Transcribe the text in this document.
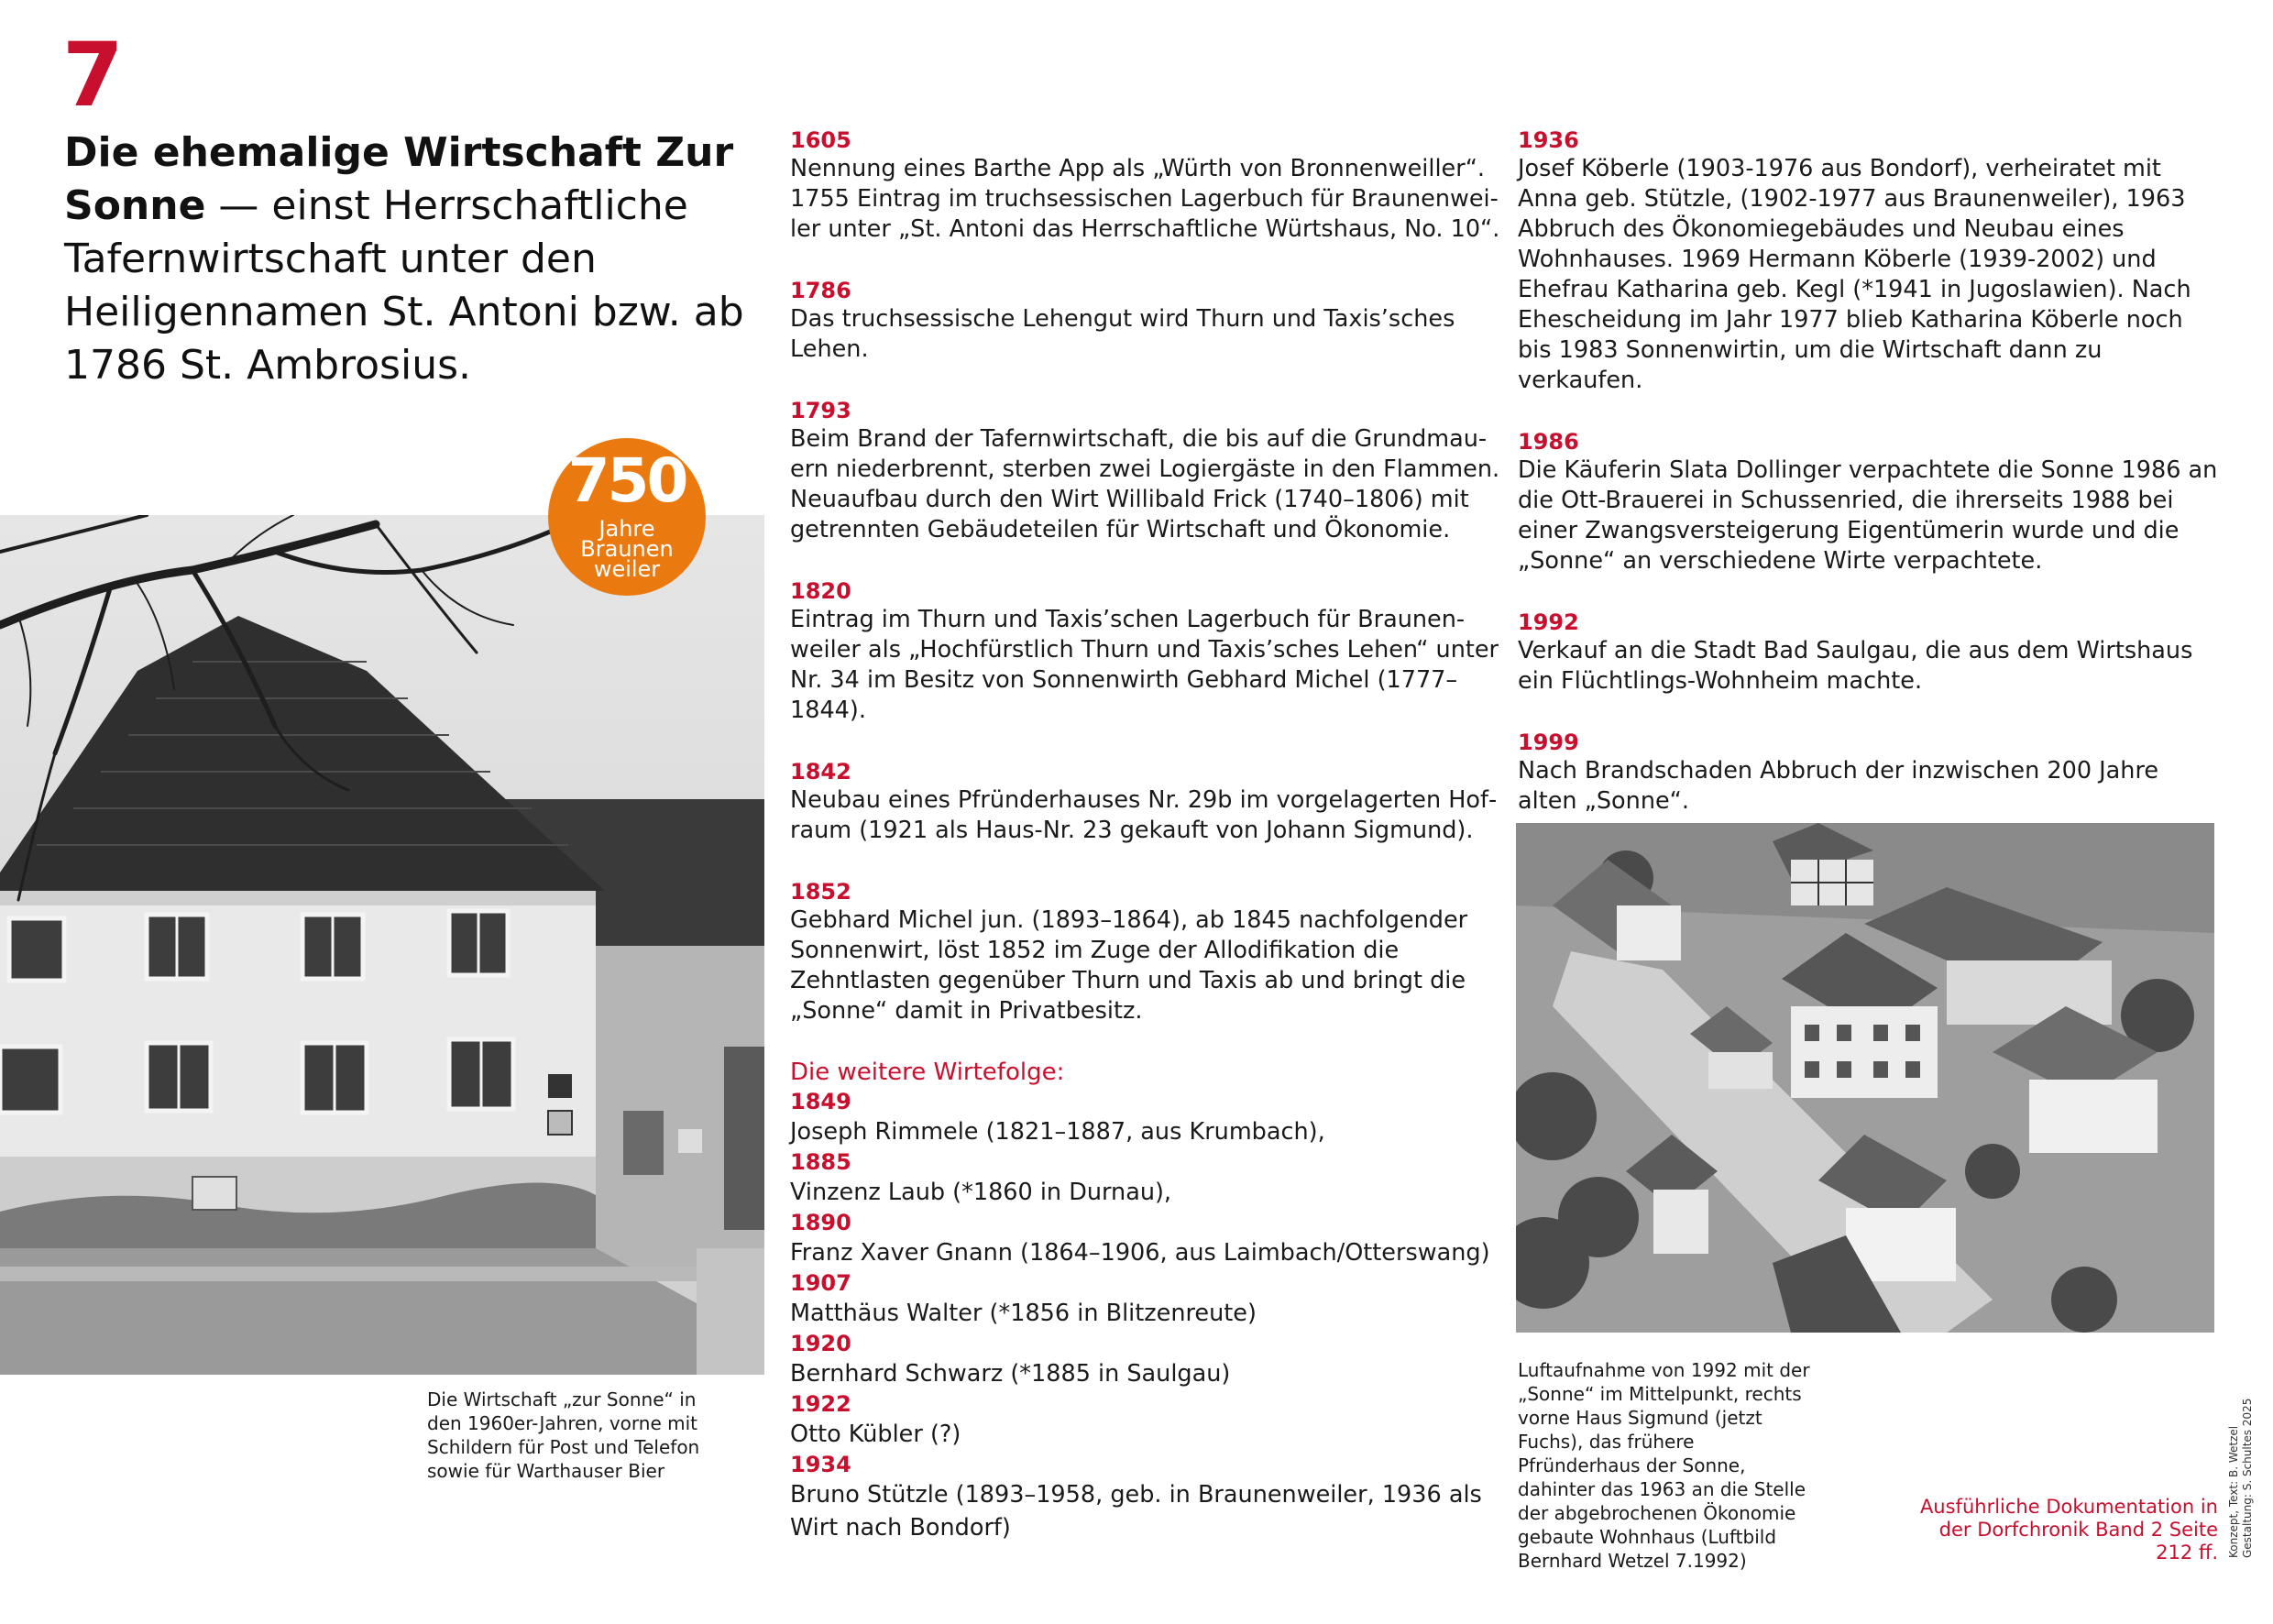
7
Die ehemalige Wirtschaft Zur Sonne — einst Herrschaftliche Tafernwirtschaft unter den Heiligennamen St. Antoni bzw. ab 1786 St. Ambrosius.
750
Jahre
Braunen
weiler
Die Wirtschaft „zur Sonne“ in den 1960er-Jahren, vorne mit Schildern für Post und Telefon sowie für Warthauser Bier
1605
Nennung eines Barthe App als „Würth von Bronnenweiller“. 1755 Eintrag im truchsessischen Lagerbuch für Braunenweiler unter „St. Antoni das Herrschaftliche Würtshaus, No. 10“.
1786
Das truchsessische Lehengut wird Thurn und Taxis’sches Lehen.
1793
Beim Brand der Tafernwirtschaft, die bis auf die Grundmauern niederbrennt, sterben zwei Logiergäste in den Flammen. Neuaufbau durch den Wirt Willibald Frick (1740–1806) mit getrennten Gebäudeteilen für Wirtschaft und Ökonomie.
1820
Eintrag im Thurn und Taxis’schen Lagerbuch für Braunenweiler als „Hochfürstlich Thurn und Taxis’sches Lehen“ unter Nr. 34 im Besitz von Sonnenwirth Gebhard Michel (1777–1844).
1842
Neubau eines Pfründerhauses Nr. 29b im vorgelagerten Hofraum (1921 als Haus-Nr. 23 gekauft von Johann Sigmund).
1852
Gebhard Michel jun. (1893–1864), ab 1845 nachfolgender Sonnenwirt, löst 1852 im Zuge der Allodifikation die Zehntlasten gegenüber Thurn und Taxis ab und bringt die „Sonne“ damit in Privatbesitz.
Die weitere Wirtefolge:
1849
Joseph Rimmele (1821–1887, aus Krumbach),
1885
Vinzenz Laub (*1860 in Durnau),
1890
Franz Xaver Gnann (1864–1906, aus Laimbach/Otterswang)
1907
Matthäus Walter (*1856 in Blitzenreute)
1920
Bernhard Schwarz (*1885 in Saulgau)
1922
Otto Kübler (?)
1934
Bruno Stützle (1893–1958, geb. in Braunenweiler, 1936 als Wirt nach Bondorf)
1936
Josef Köberle (1903-1976 aus Bondorf), verheiratet mit Anna geb. Stützle, (1902-1977 aus Braunenweiler), 1963 Abbruch des Ökonomiegebäudes und Neubau eines Wohnhauses. 1969 Hermann Köberle (1939-2002) und Ehefrau Katharina geb. Kegl (*1941 in Jugoslawien). Nach Ehescheidung im Jahr 1977 blieb Katharina Köberle noch bis 1983 Sonnenwirtin, um die Wirtschaft dann zu verkaufen.
1986
Die Käuferin Slata Dollinger verpachtete die Sonne 1986 an die Ott-Brauerei in Schussenried, die ihrerseits 1988 bei einer Zwangsversteigerung Eigentümerin wurde und die „Sonne“ an verschiedene Wirte verpachtete.
1992
Verkauf an die Stadt Bad Saulgau, die aus dem Wirtshaus ein Flüchtlings-Wohnheim machte.
1999
Nach Brandschaden Abbruch der inzwischen 200 Jahre alten „Sonne“.
Luftaufnahme von 1992 mit der „Sonne“ im Mittelpunkt, rechts vorne Haus Sigmund (jetzt Fuchs), das frühere Pfründerhaus der Sonne, dahinter das 1963 an die Stelle der abgebrochenen Ökonomie gebaute Wohnhaus (Luftbild Bernhard Wetzel 7.1992)
Ausführliche Dokumentation in der Dorfchronik Band 2 Seite 212 ff. Konzept, Text: B. Wetzel Gestaltung: S. Schultes 2025
